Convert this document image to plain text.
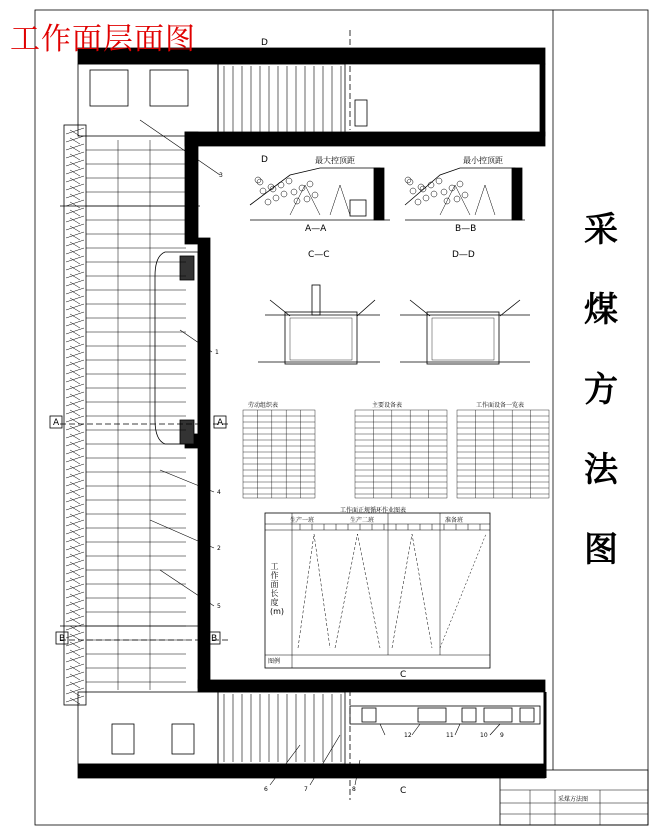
工作面层面图
采
煤
方
法
图
D
D
A	A
B	B
C
C
C—C	D—D
A—A	B—B
最大控顶距	最小控顶距
3
1
4
2
5
6	7	8
9
10
11
12
劳动组织表	主要设备表	工作面设备一览表
工作面正规循环作业图表
生产一班	生产二班	准备班
图例
工作面长度(m)
采煤方法图
